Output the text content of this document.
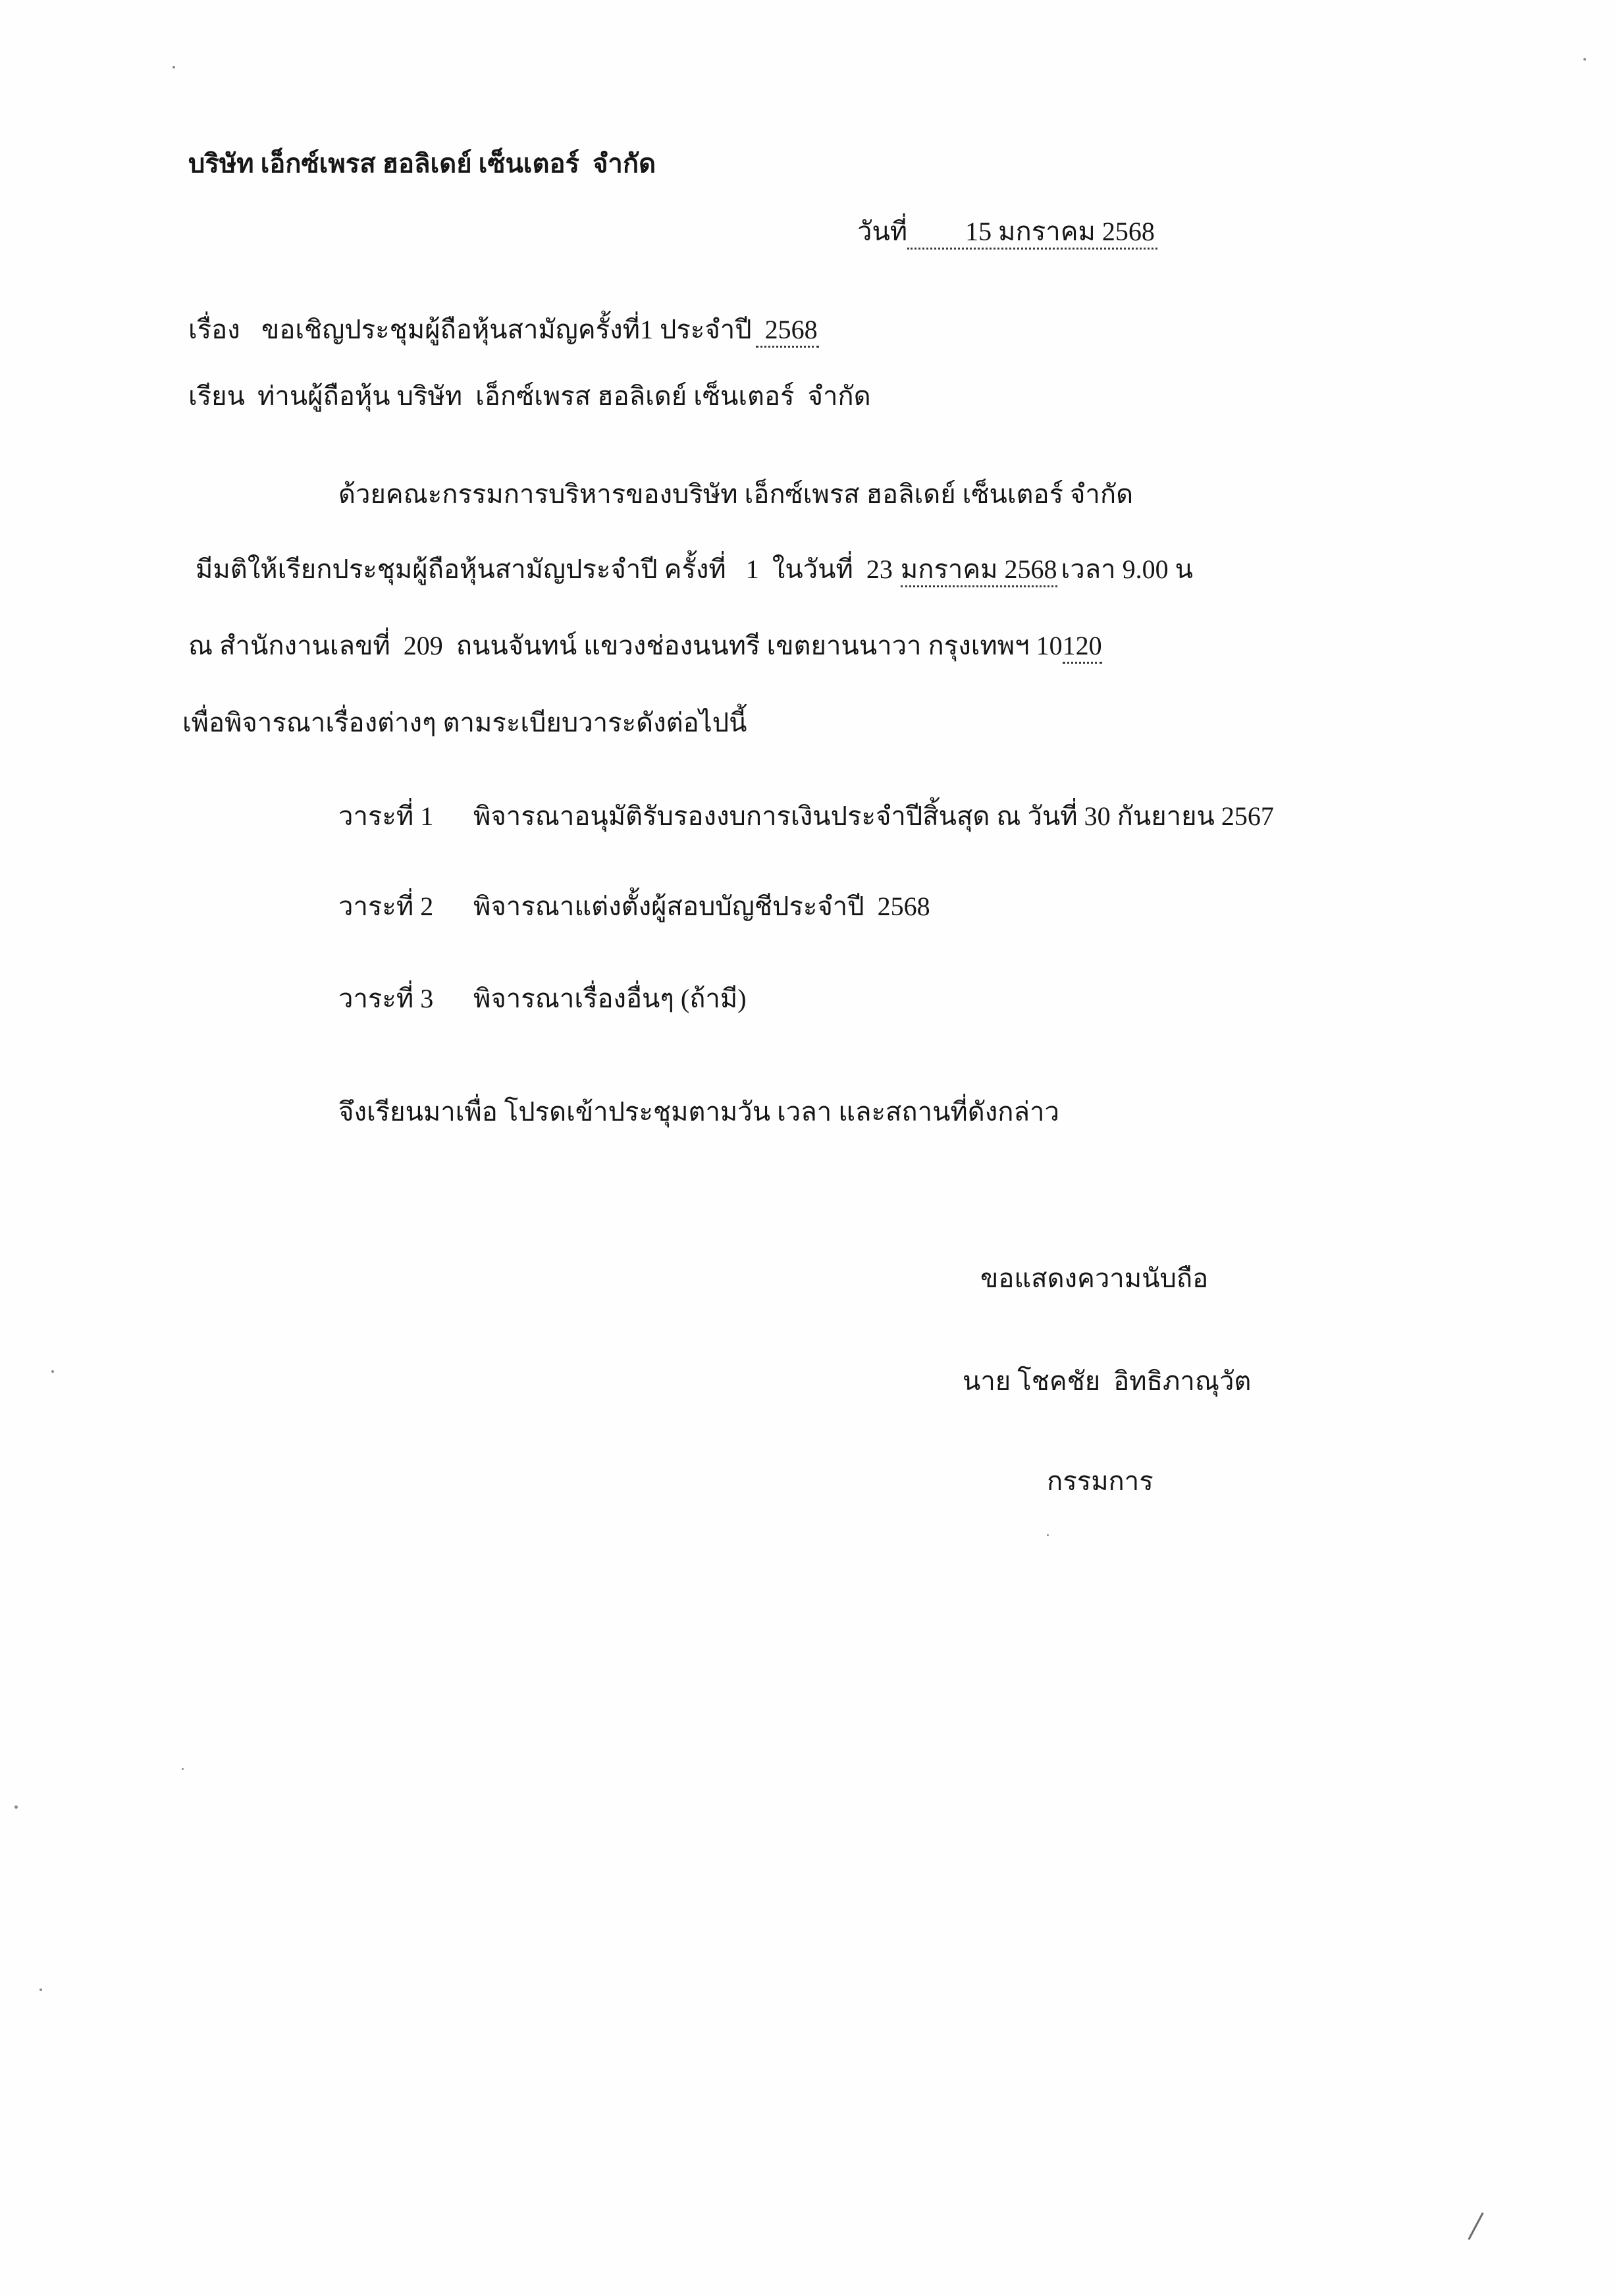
บริษัท เอ็กซ์เพรส ฮอลิเดย์ เซ็นเตอร์  จำกัด
วันที่ 15 มกราคม 2568
เรื่อง ขอเชิญประชุมผู้ถือหุ้นสามัญครั้งที่1 ประจำปี 2568
เรียน ท่านผู้ถือหุ้น บริษัท  เอ็กซ์เพรส ฮอลิเดย์ เซ็นเตอร์  จำกัด
ด้วยคณะกรรมการบริหารของบริษัท เอ็กซ์เพรส ฮอลิเดย์ เซ็นเตอร์ จำกัด
มีมติให้เรียกประชุมผู้ถือหุ้นสามัญประจำปี ครั้งที่   1  ในวันที่  23 มกราคม 2568 เวลา 9.00 น
ณ สำนักงานเลขที่  209  ถนนจันทน์ แขวงช่องนนทรี เขตยานนาวา กรุงเทพฯ 10120
เพื่อพิจารณาเรื่องต่างๆ ตามระเบียบวาระดังต่อไปนี้
วาระที่ 1 พิจารณาอนุมัติรับรองงบการเงินประจำปีสิ้นสุด ณ วันที่ 30 กันยายน 2567
วาระที่ 2 พิจารณาแต่งตั้งผู้สอบบัญชีประจำปี  2568
วาระที่ 3 พิจารณาเรื่องอื่นๆ (ถ้ามี)
จึงเรียนมาเพื่อ โปรดเข้าประชุมตามวัน เวลา และสถานที่ดังกล่าว
ขอแสดงความนับถือ
นาย โชคชัย  อิทธิภาณุวัต
กรรมการ
